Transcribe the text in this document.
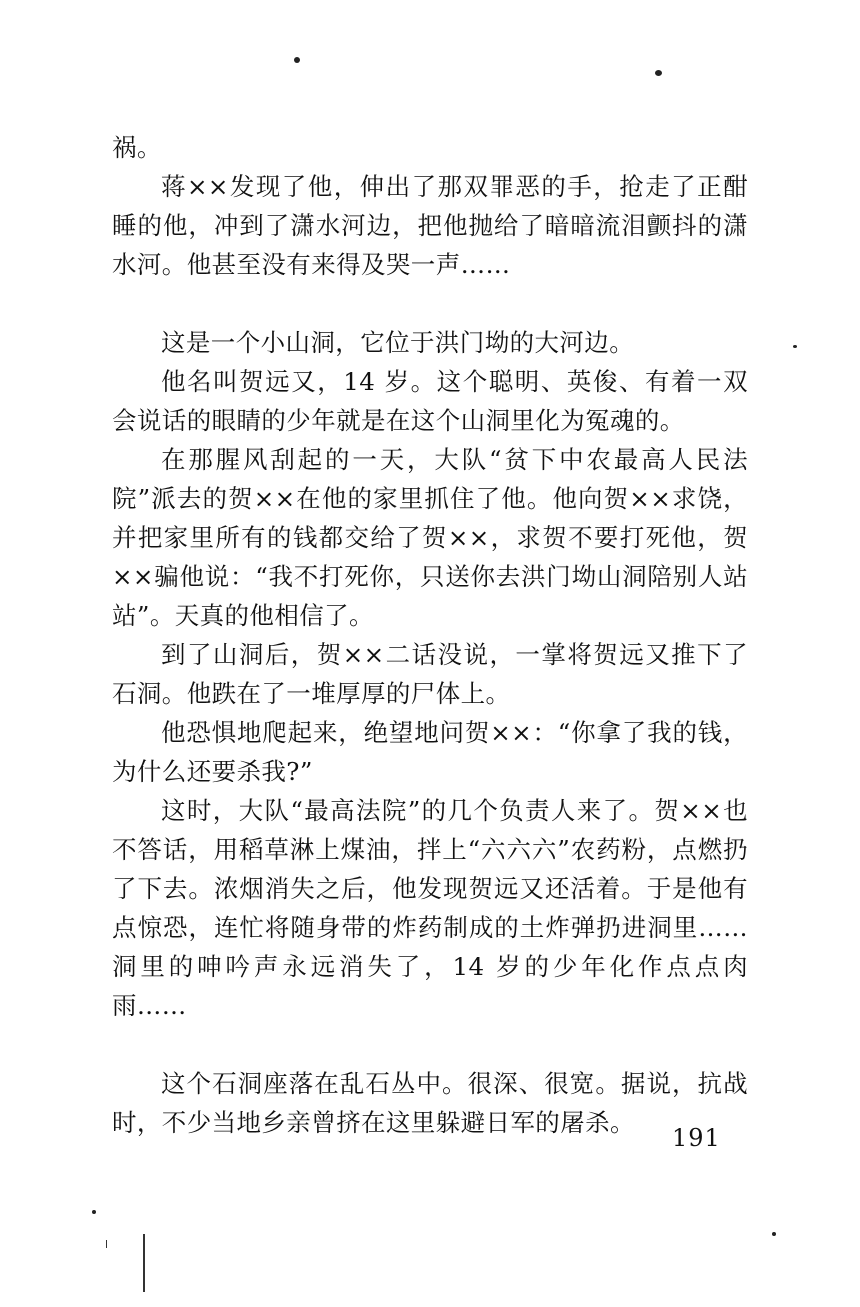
祸。

蒋××发现了他，伸出了那双罪恶的手，抢走了正酣睡的他，冲到了潇水河边，把他抛给了暗暗流泪颤抖的潇水河。他甚至没有来得及哭一声……

这是一个小山洞，它位于洪门坳的大河边。

他名叫贺远又，14 岁。这个聪明、英俊、有着一双会说话的眼睛的少年就是在这个山洞里化为冤魂的。

在那腥风刮起的一天，大队“贫下中农最高人民法院”派去的贺××在他的家里抓住了他。他向贺××求饶，并把家里所有的钱都交给了贺××，求贺不要打死他，贺××骗他说：“我不打死你，只送你去洪门坳山洞陪别人站站”。天真的他相信了。

到了山洞后，贺××二话没说，一掌将贺远又推下了石洞。他跌在了一堆厚厚的尸体上。

他恐惧地爬起来，绝望地问贺××：“你拿了我的钱，为什么还要杀我?”

这时，大队“最高法院”的几个负责人来了。贺××也不答话，用稻草淋上煤油，拌上“六六六”农药粉，点燃扔了下去。浓烟消失之后，他发现贺远又还活着。于是他有点惊恐，连忙将随身带的炸药制成的土炸弹扔进洞里……洞里的呻吟声永远消失了，14 岁的少年化作点点肉雨……

这个石洞座落在乱石丛中。很深、很宽。据说，抗战时，不少当地乡亲曾挤在这里躲避日军的屠杀。

191
